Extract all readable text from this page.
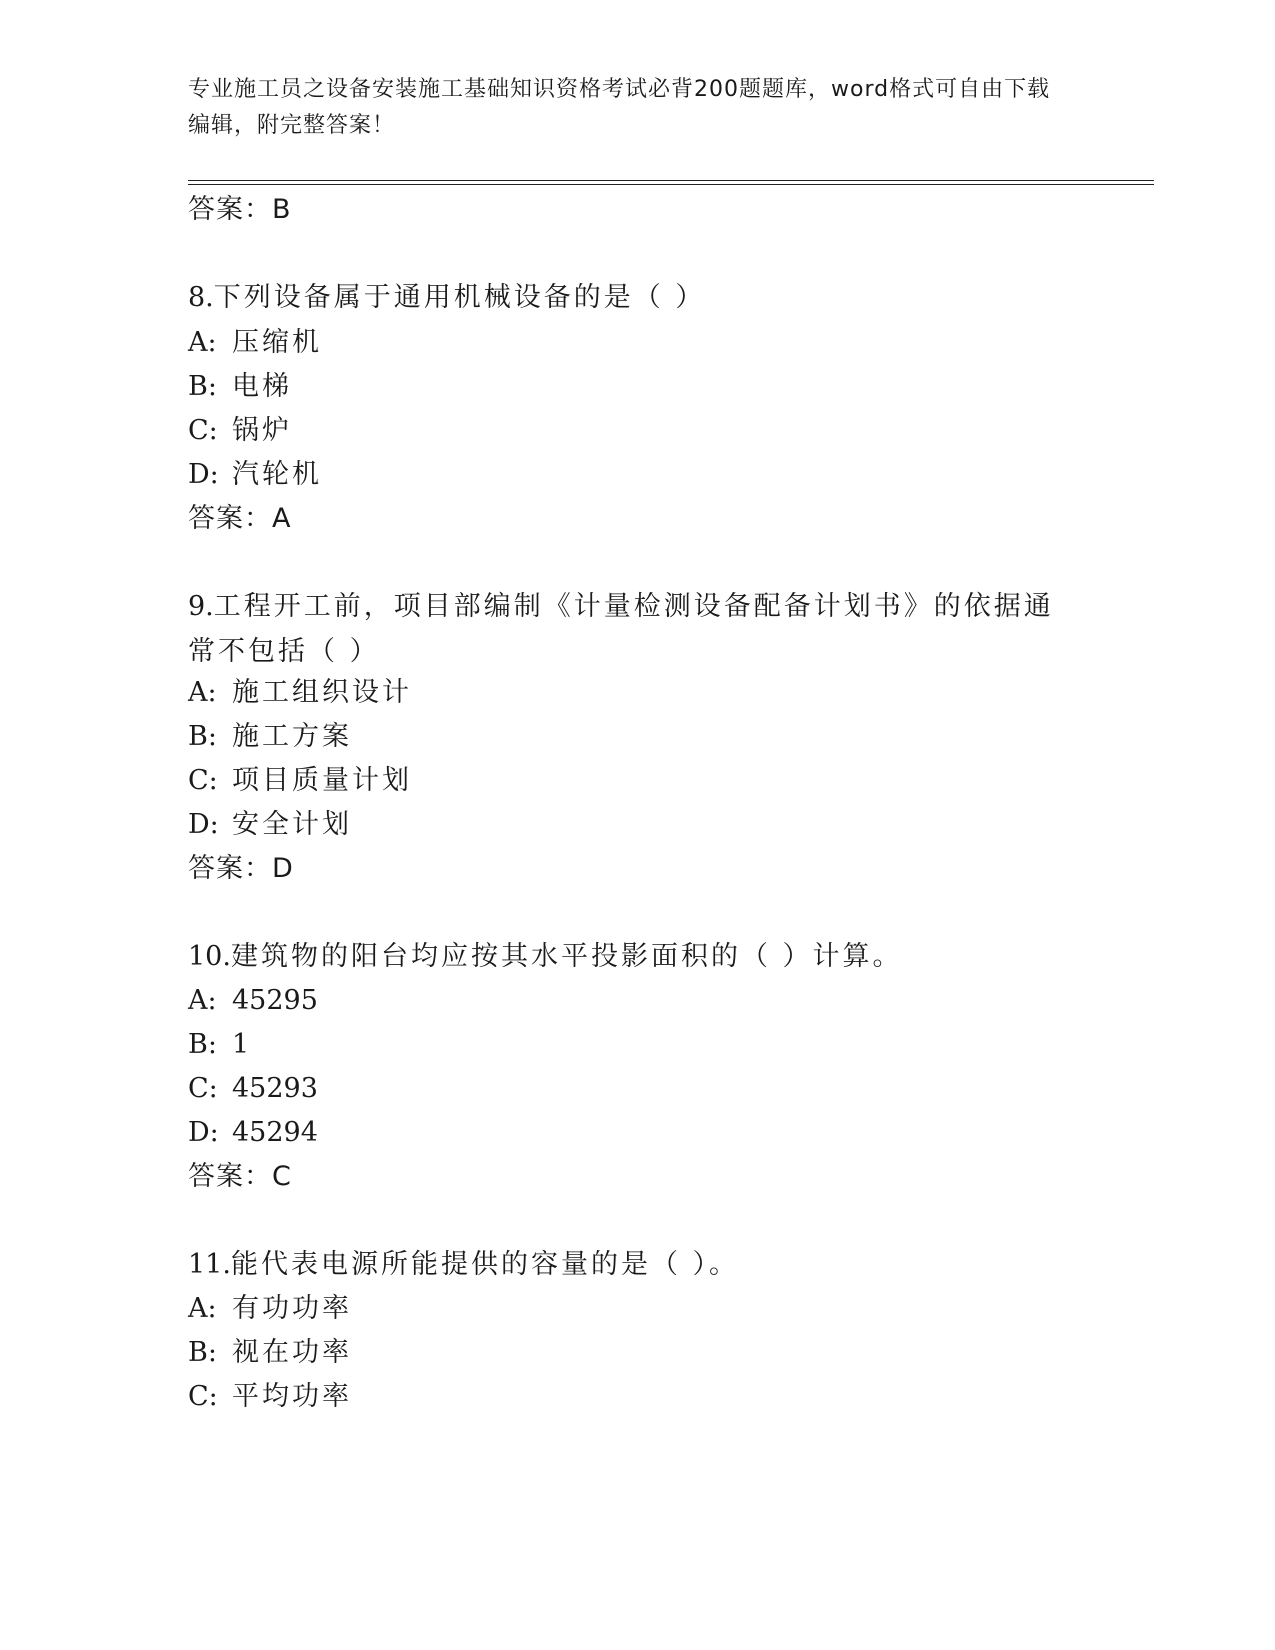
专业施工员之设备安装施工基础知识资格考试必背200题题库，word格式可自由下载编辑，附完整答案！
答案：B
8.下列设备属于通用机械设备的是（ ）
A: 压缩机
B: 电梯
C: 锅炉
D: 汽轮机
答案：A
9.工程开工前，项目部编制《计量检测设备配备计划书》的依据通常不包括（ ）
A: 施工组织设计
B: 施工方案
C: 项目质量计划
D: 安全计划
答案：D
10.建筑物的阳台均应按其水平投影面积的（ ）计算。
A: 45295
B: 1
C: 45293
D: 45294
答案：C
11.能代表电源所能提供的容量的是（ ）。
A: 有功功率
B: 视在功率
C: 平均功率
